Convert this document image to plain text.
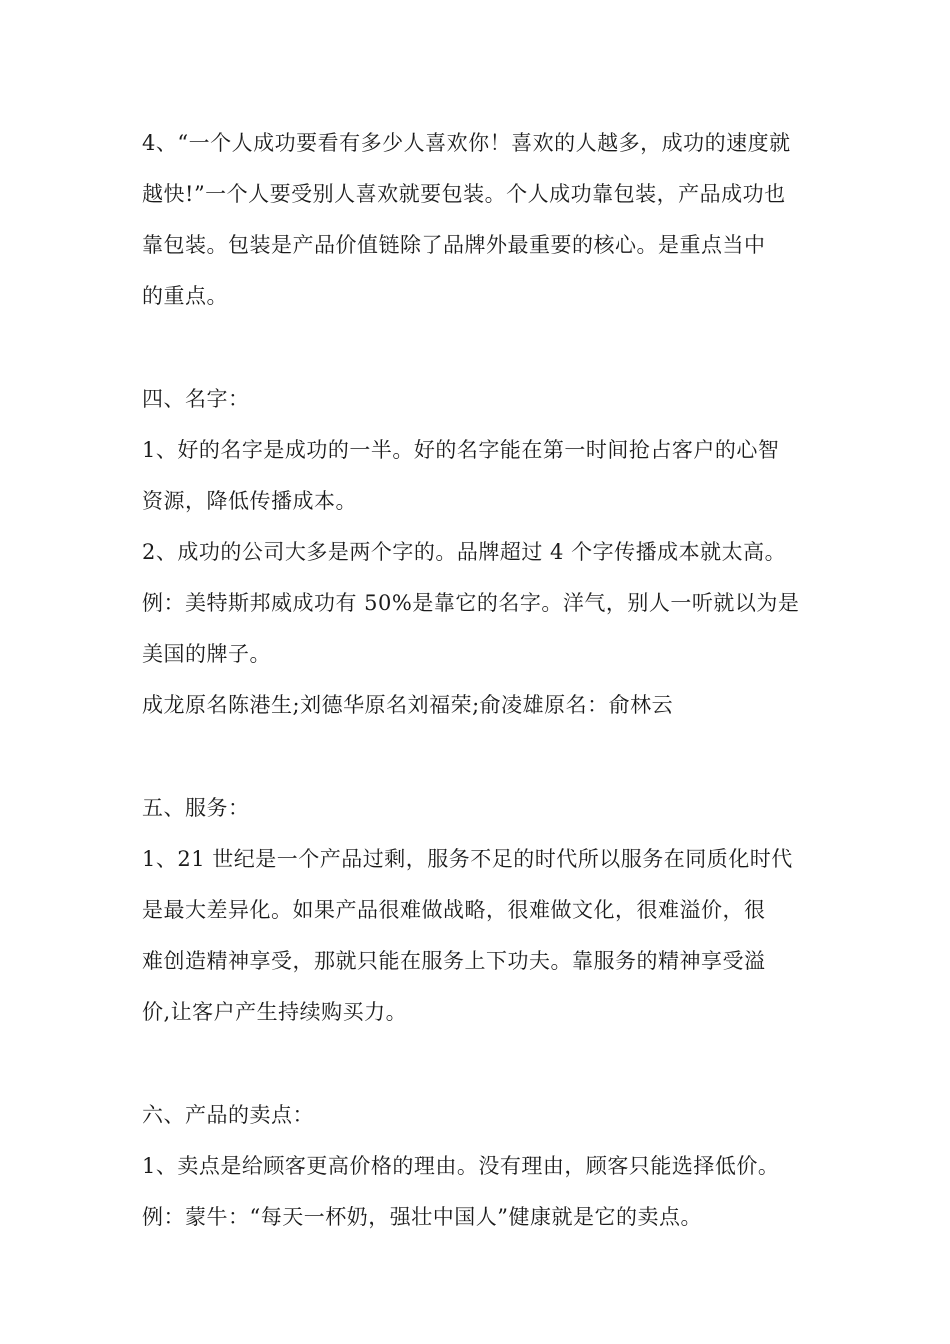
4、“一个人成功要看有多少人喜欢你！喜欢的人越多，成功的速度就
越快!”一个人要受别人喜欢就要包装。个人成功靠包装，产品成功也
靠包装。包装是产品价值链除了品牌外最重要的核心。是重点当中
的重点。
四、名字：
1、好的名字是成功的一半。好的名字能在第一时间抢占客户的心智
资源，降低传播成本。
2、成功的公司大多是两个字的。品牌超过 4 个字传播成本就太高。
例：美特斯邦威成功有 50%是靠它的名字。洋气，别人一听就以为是
美国的牌子。
成龙原名陈港生;刘德华原名刘福荣;俞凌雄原名：俞林云
五、服务：
1、21 世纪是一个产品过剩，服务不足的时代所以服务在同质化时代
是最大差异化。如果产品很难做战略，很难做文化，很难溢价，很
难创造精神享受，那就只能在服务上下功夫。靠服务的精神享受溢
价,让客户产生持续购买力。
六、产品的卖点：
1、卖点是给顾客更高价格的理由。没有理由，顾客只能选择低价。
例：蒙牛：“每天一杯奶，强壮中国人”健康就是它的卖点。
